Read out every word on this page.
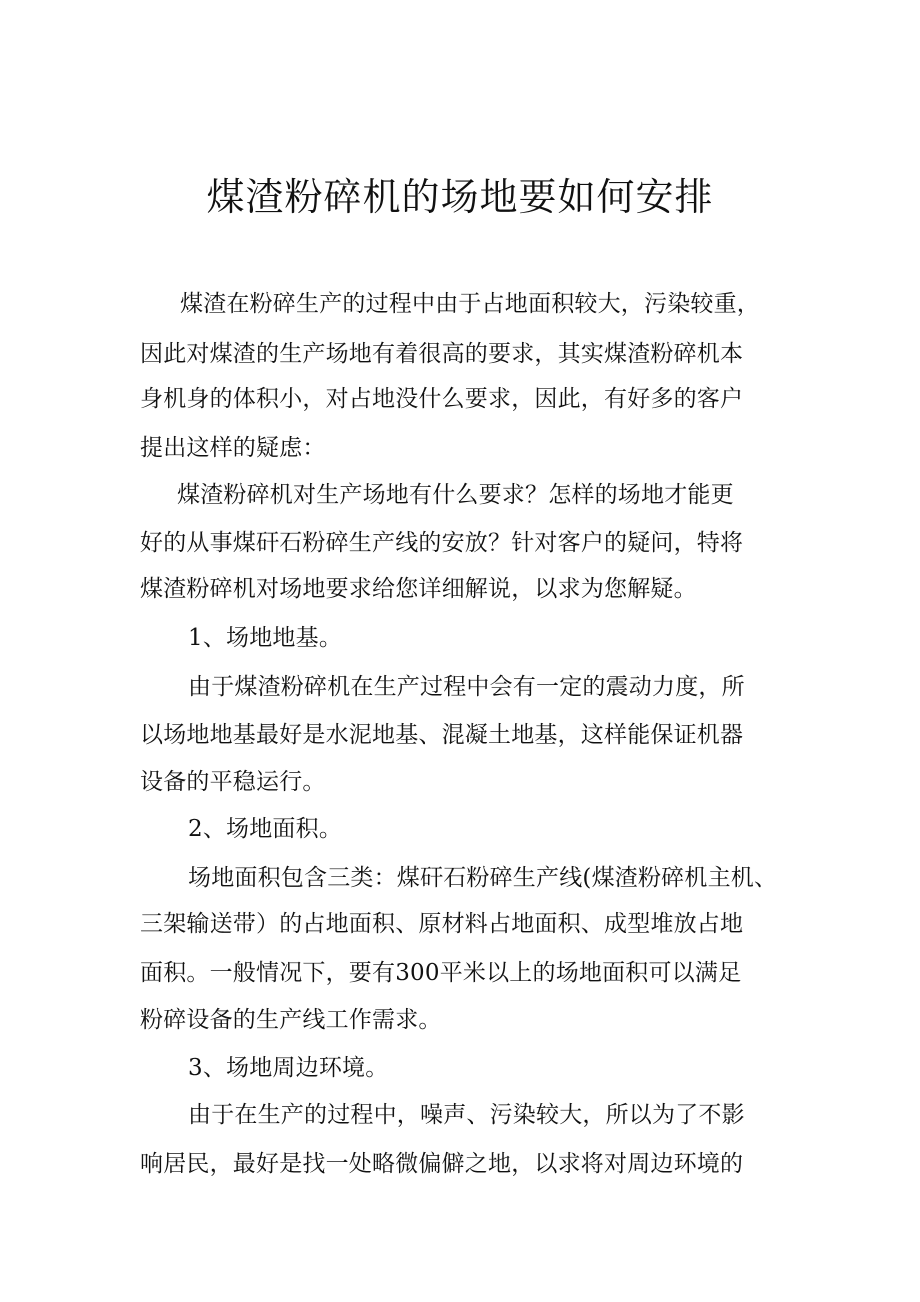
煤渣粉碎机的场地要如何安排
煤渣在粉碎生产的过程中由于占地面积较大，污染较重，
因此对煤渣的生产场地有着很高的要求，其实煤渣粉碎机本
身机身的体积小，对占地没什么要求，因此，有好多的客户
提出这样的疑虑：
煤渣粉碎机对生产场地有什么要求？怎样的场地才能更
好的从事煤矸石粉碎生产线的安放？针对客户的疑问，特将
煤渣粉碎机对场地要求给您详细解说，以求为您解疑。
1、场地地基。
由于煤渣粉碎机在生产过程中会有一定的震动力度，所
以场地地基最好是水泥地基、混凝土地基，这样能保证机器
设备的平稳运行。
2、场地面积。
场地面积包含三类：煤矸石粉碎生产线(煤渣粉碎机主机、
三架输送带）的占地面积、原材料占地面积、成型堆放占地
面积。一般情况下，要有300平米以上的场地面积可以满足
粉碎设备的生产线工作需求。
3、场地周边环境。
由于在生产的过程中，噪声、污染较大，所以为了不影
响居民，最好是找一处略微偏僻之地，以求将对周边环境的
